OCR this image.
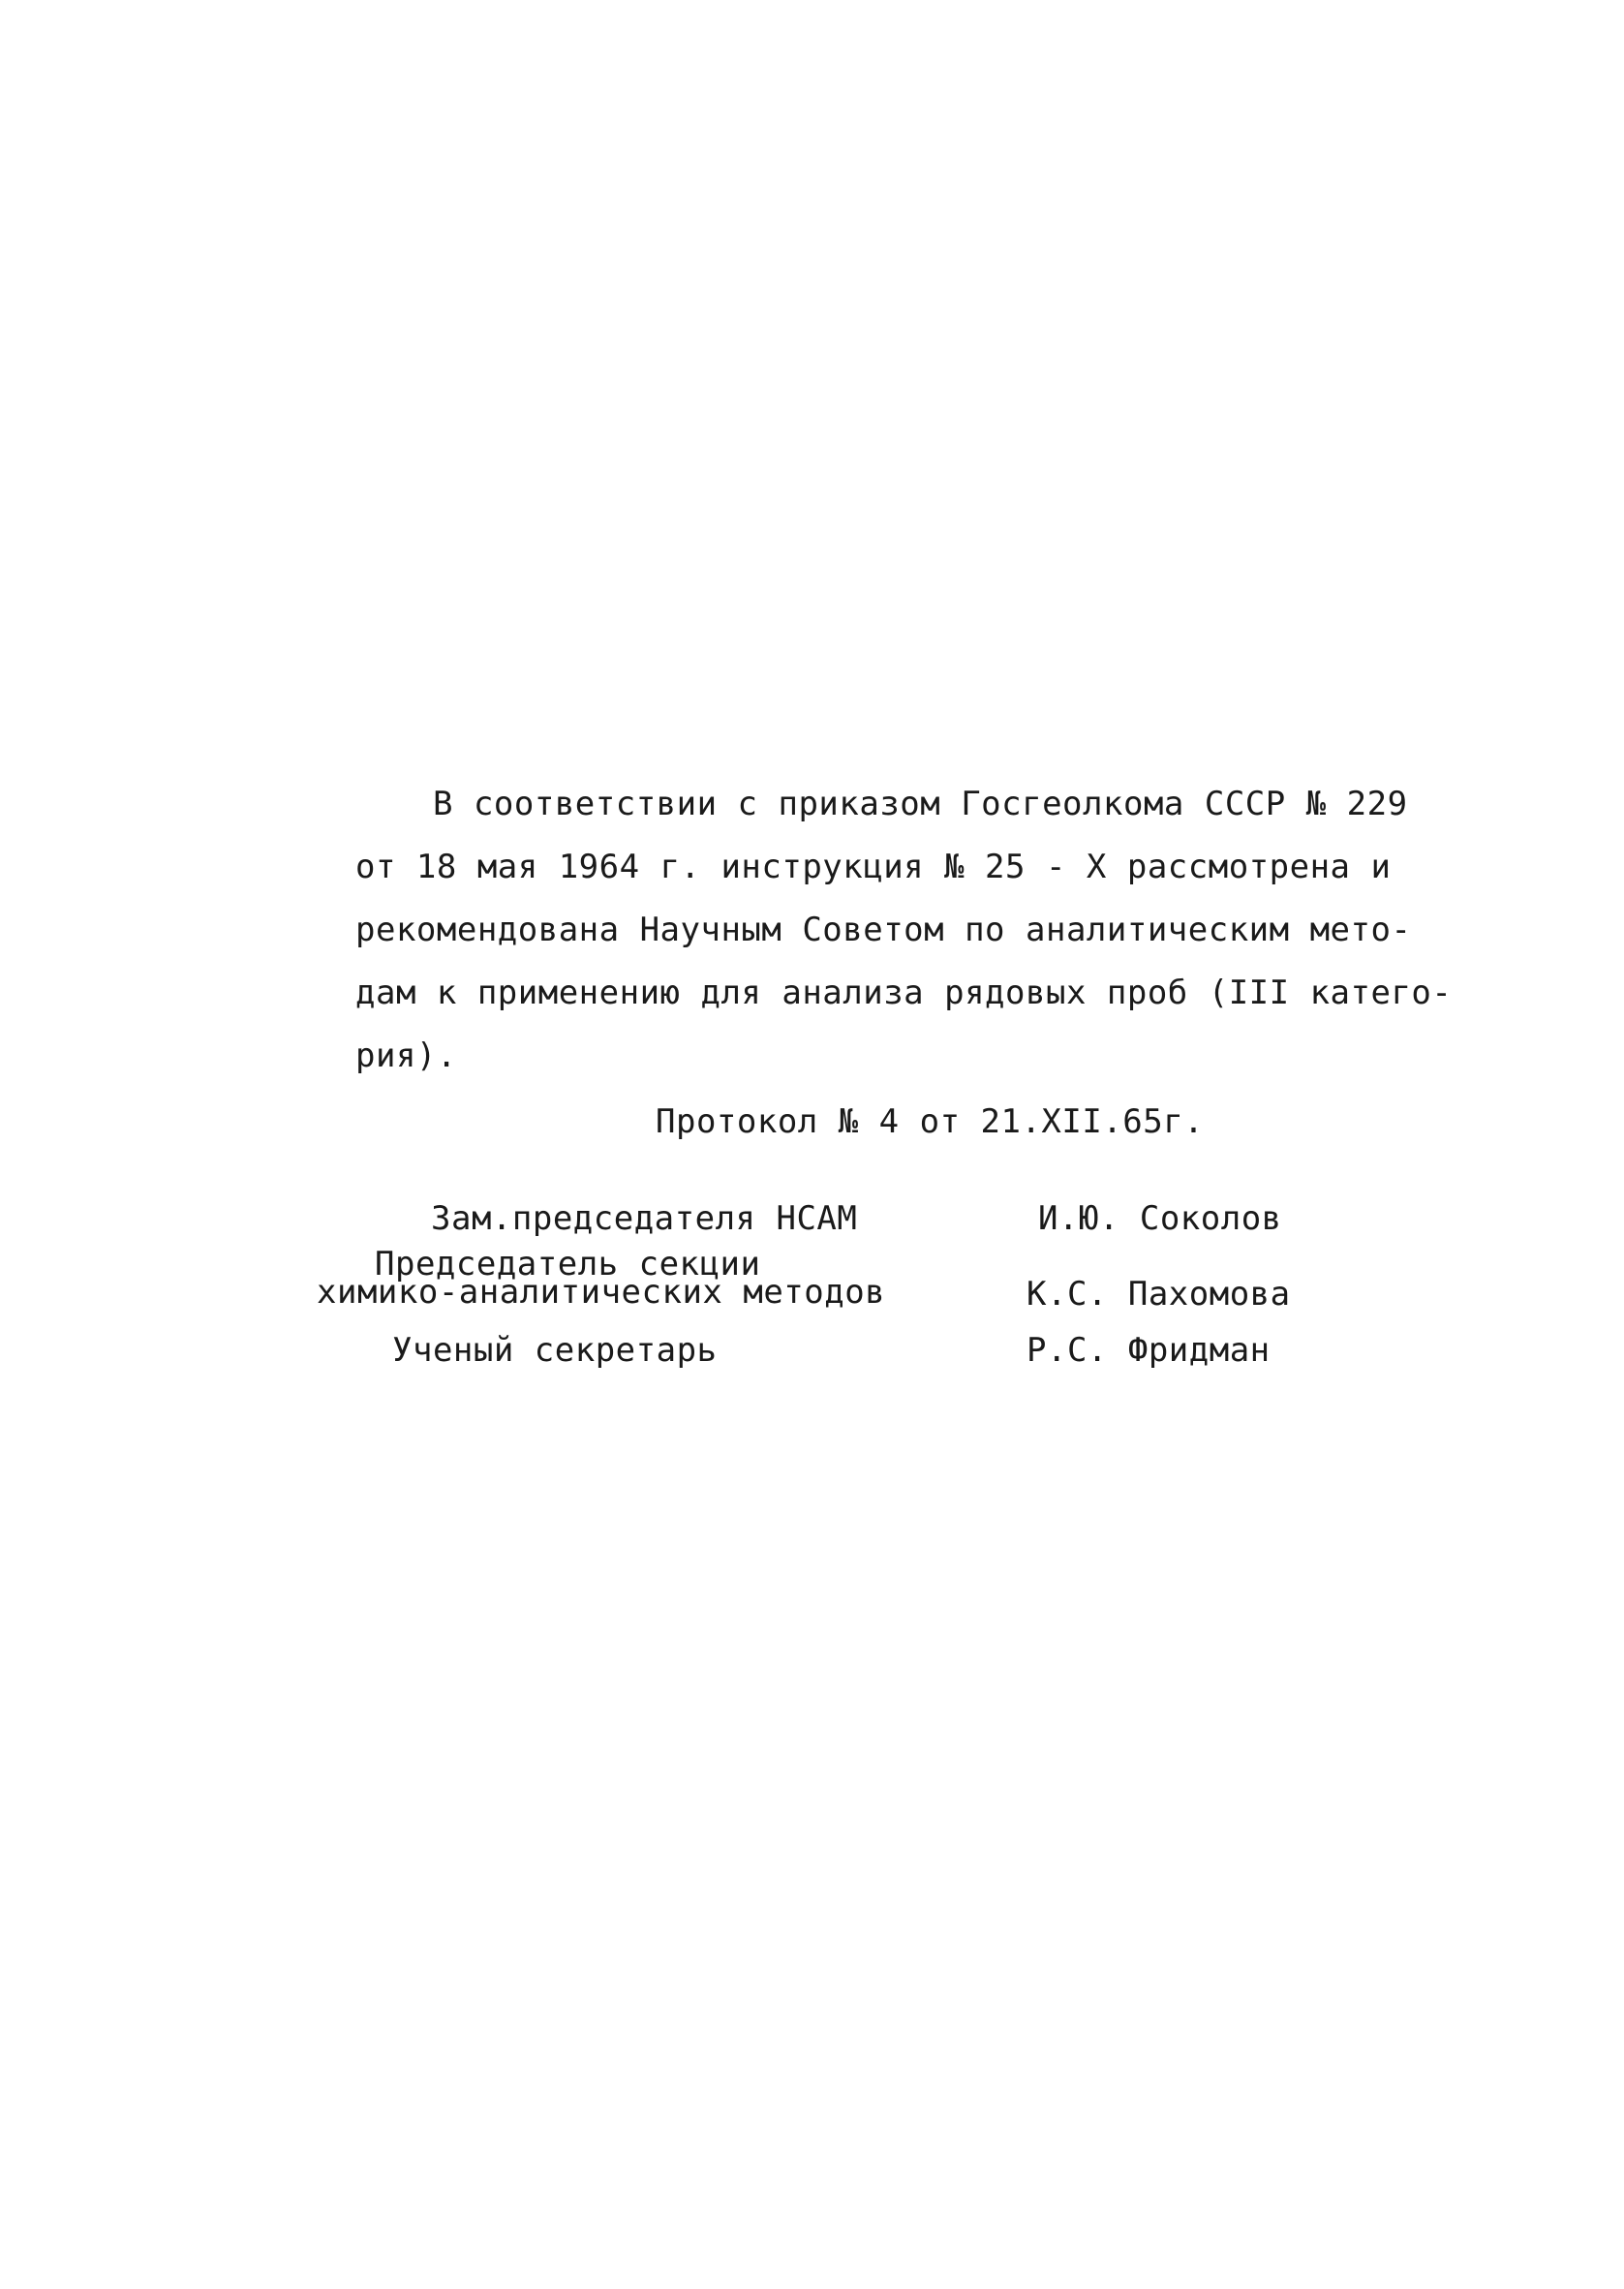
В соответствии с приказом Госгеолкома СССР № 229
от 18 мая 1964 г. инструкция № 25 - X рассмотрена и
рекомендована Научным Советом по аналитическим мето-
дам к применению для анализа рядовых проб (III катего-
рия).
Протокол № 4 от 21.XII.65г.
Зам.председателя НСАМ	И.Ю. Соколов
Председатель секции
химико-аналитических методов	К.С. Пахомова
Ученый секретарь	Р.С. Фридман
